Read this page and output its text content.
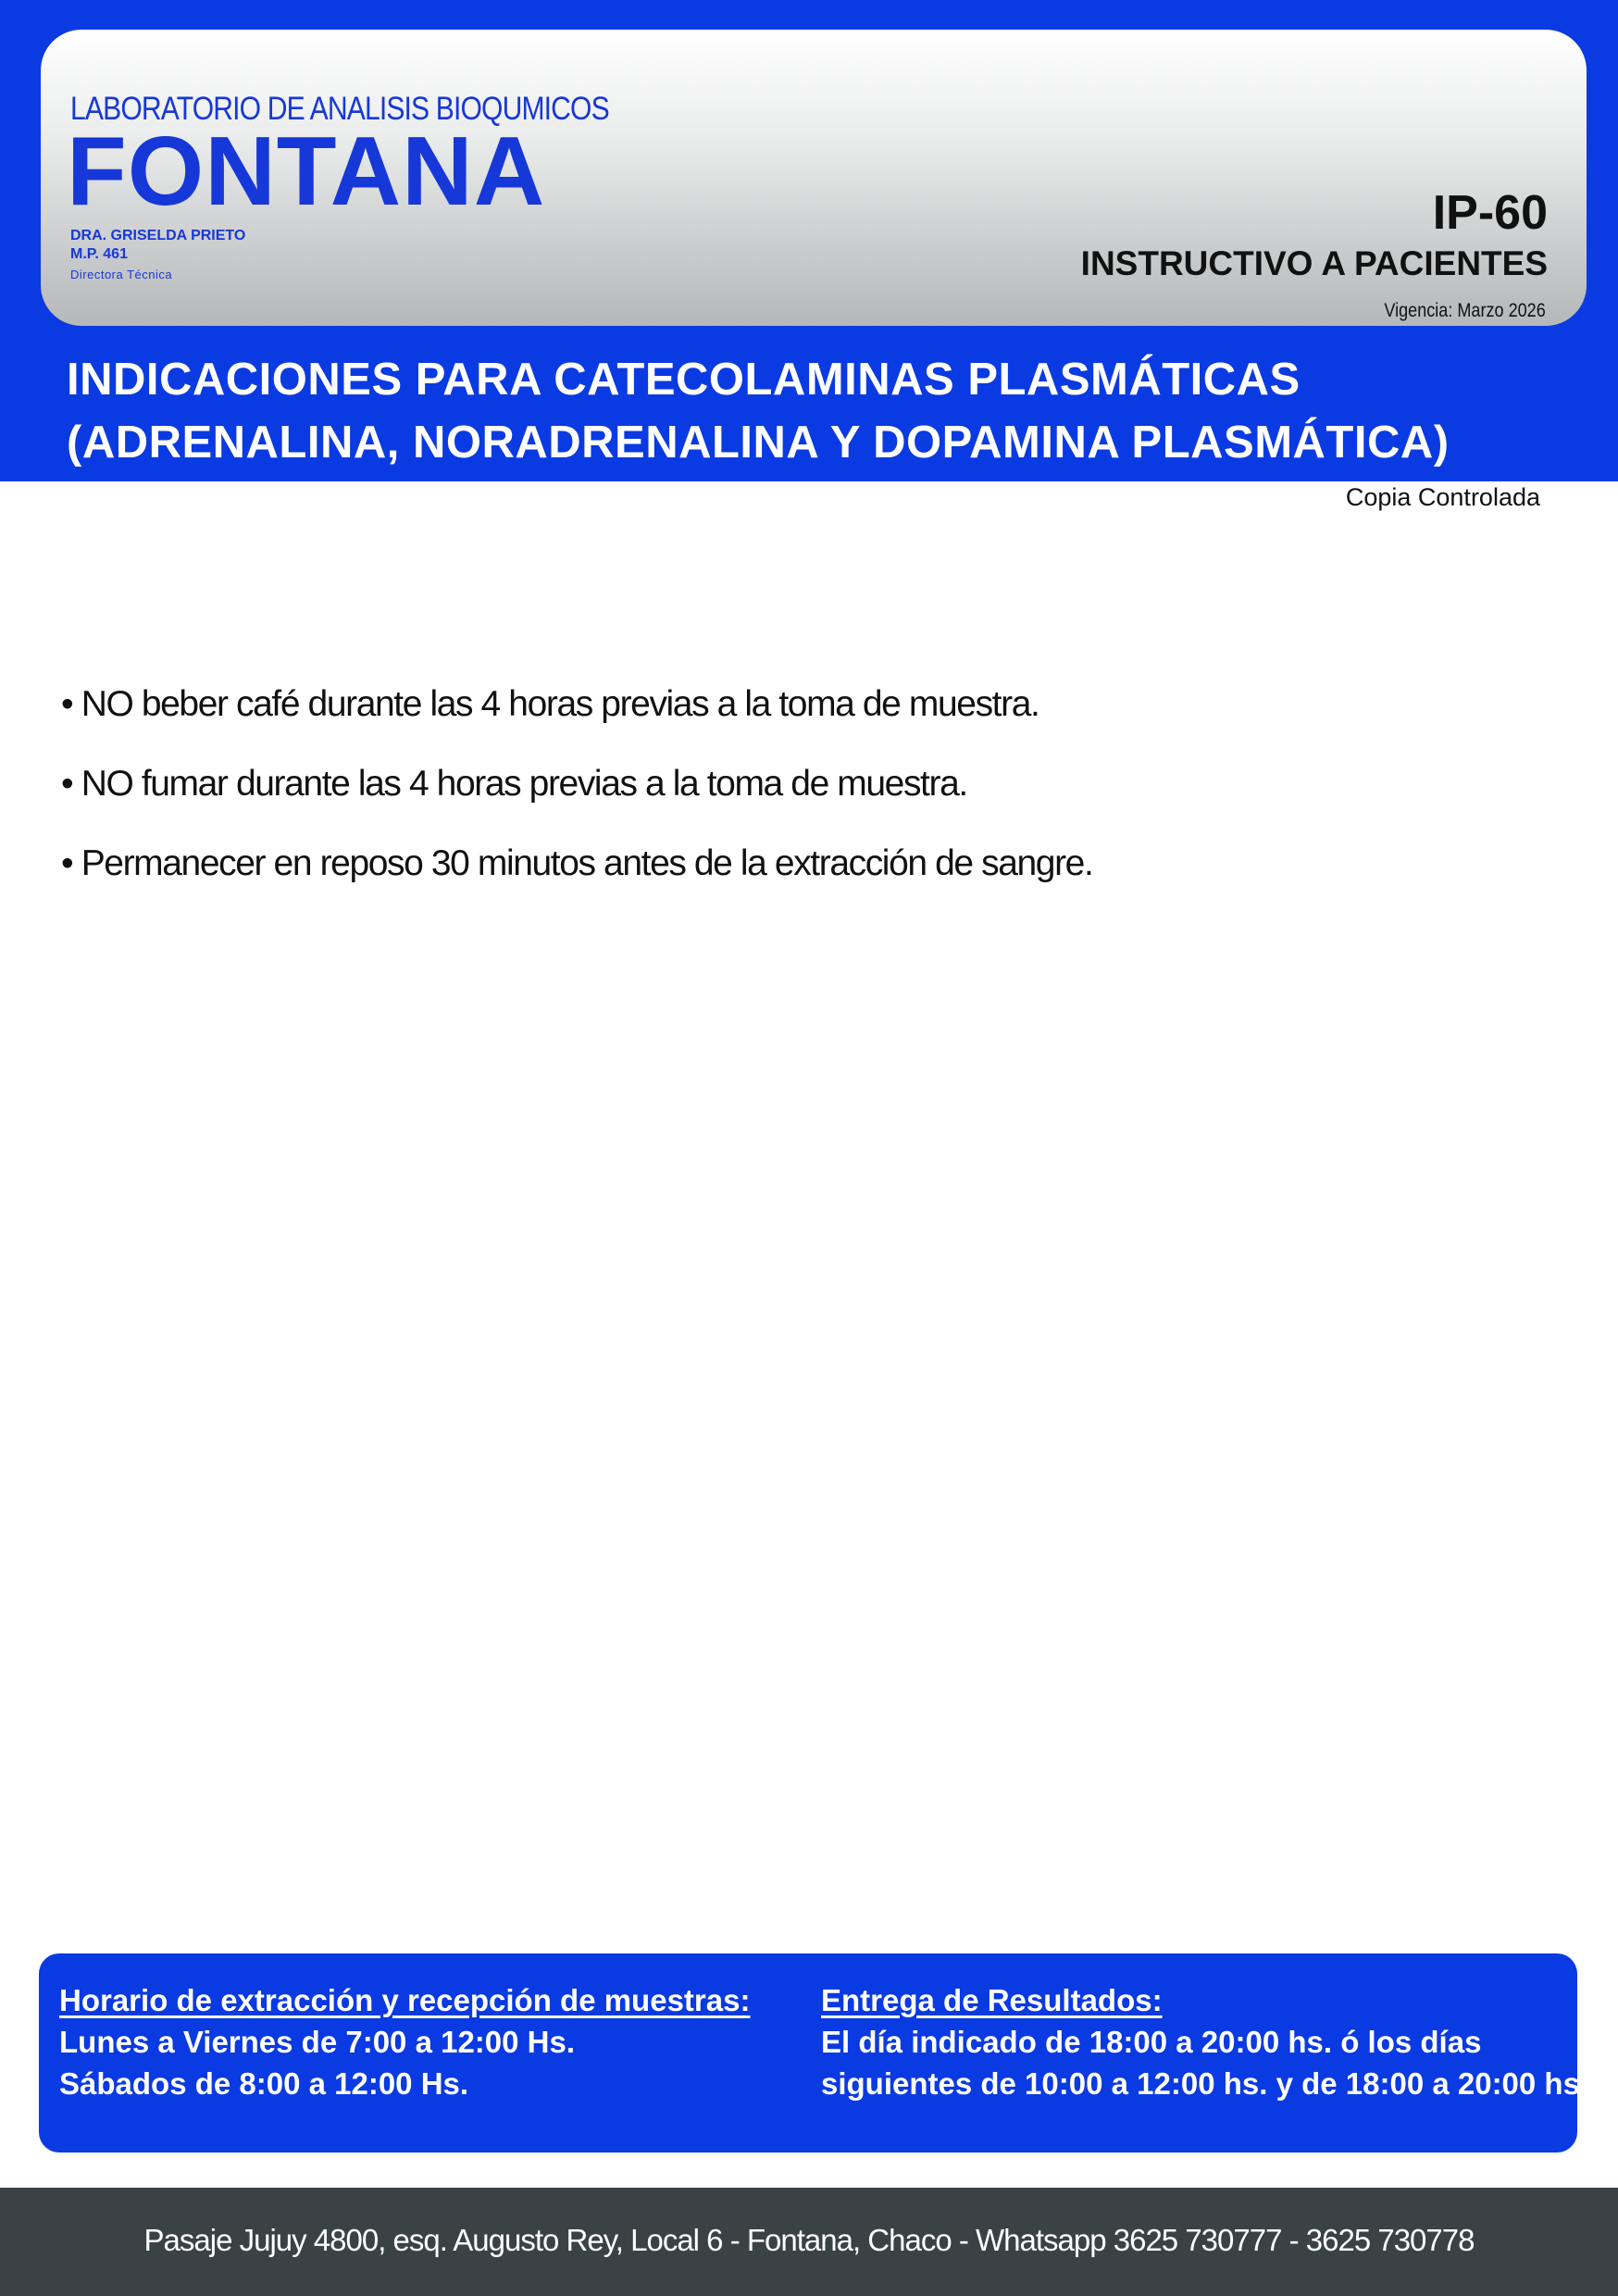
LABORATORIO DE ANALISIS BIOQUMICOS
FONTANA
DRA. GRISELDA PRIETO
M.P. 461
Directora Técnica
IP-60
INSTRUCTIVO A PACIENTES
Vigencia: Marzo 2026
INDICACIONES PARA CATECOLAMINAS PLASMÁTICAS
(ADRENALINA, NORADRENALINA Y DOPAMINA PLASMÁTICA)
Copia Controlada
• NO beber café durante las 4 horas previas a la toma de muestra.
• NO fumar durante las 4 horas previas a la toma de muestra.
• Permanecer en reposo 30 minutos antes de la extracción de sangre.
Horario de extracción y recepción de muestras:
Lunes a Viernes de 7:00 a 12:00 Hs.
Sábados de 8:00 a 12:00 Hs.
Entrega de Resultados:
El día indicado de 18:00 a 20:00 hs. ó los días
siguientes de 10:00 a 12:00 hs. y de 18:00 a 20:00 hs.
Pasaje Jujuy 4800, esq. Augusto Rey, Local 6 - Fontana, Chaco - Whatsapp 3625 730777 - 3625 730778
